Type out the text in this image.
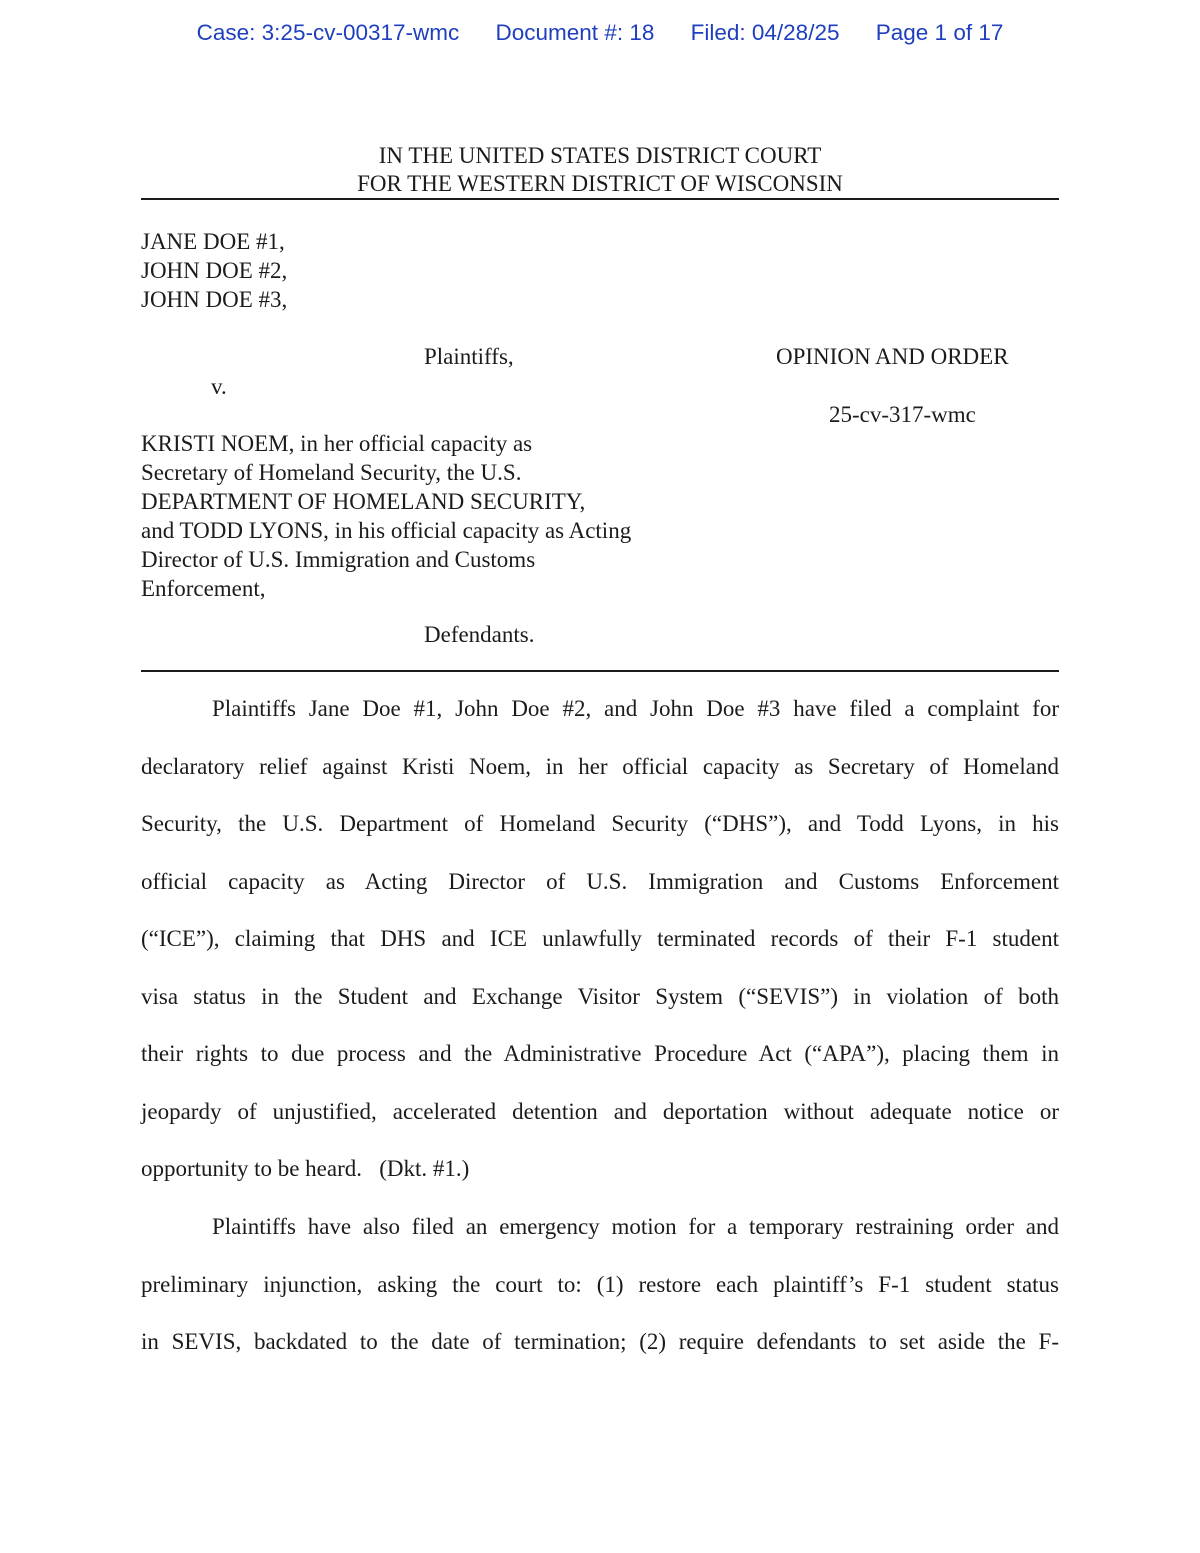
Case: 3:25-cv-00317-wmc Document #: 18 Filed: 04/28/25 Page 1 of 17
IN THE UNITED STATES DISTRICT COURT
FOR THE WESTERN DISTRICT OF WISCONSIN
JANE DOE #1,
JOHN DOE #2,
JOHN DOE #3,
Plaintiffs,
v.
OPINION AND ORDER
25-cv-317-wmc
KRISTI NOEM, in her official capacity as
Secretary of Homeland Security, the U.S.
DEPARTMENT OF HOMELAND SECURITY,
and TODD LYONS, in his official capacity as Acting
Director of U.S. Immigration and Customs
Enforcement,
Defendants.
Plaintiffs Jane Doe #1, John Doe #2, and John Doe #3 have filed a complaint for
declaratory relief against Kristi Noem, in her official capacity as Secretary of Homeland
Security, the U.S. Department of Homeland Security (“DHS”), and Todd Lyons, in his
official capacity as Acting Director of U.S. Immigration and Customs Enforcement
(“ICE”), claiming that DHS and ICE unlawfully terminated records of their F-1 student
visa status in the Student and Exchange Visitor System (“SEVIS”) in violation of both
their rights to due process and the Administrative Procedure Act (“APA”), placing them in
jeopardy of unjustified, accelerated detention and deportation without adequate notice or
opportunity to be heard.   (Dkt. #1.)
Plaintiffs have also filed an emergency motion for a temporary restraining order and
preliminary injunction, asking the court to: (1) restore each plaintiff’s F-1 student status
in SEVIS, backdated to the date of termination; (2) require defendants to set aside the F-
